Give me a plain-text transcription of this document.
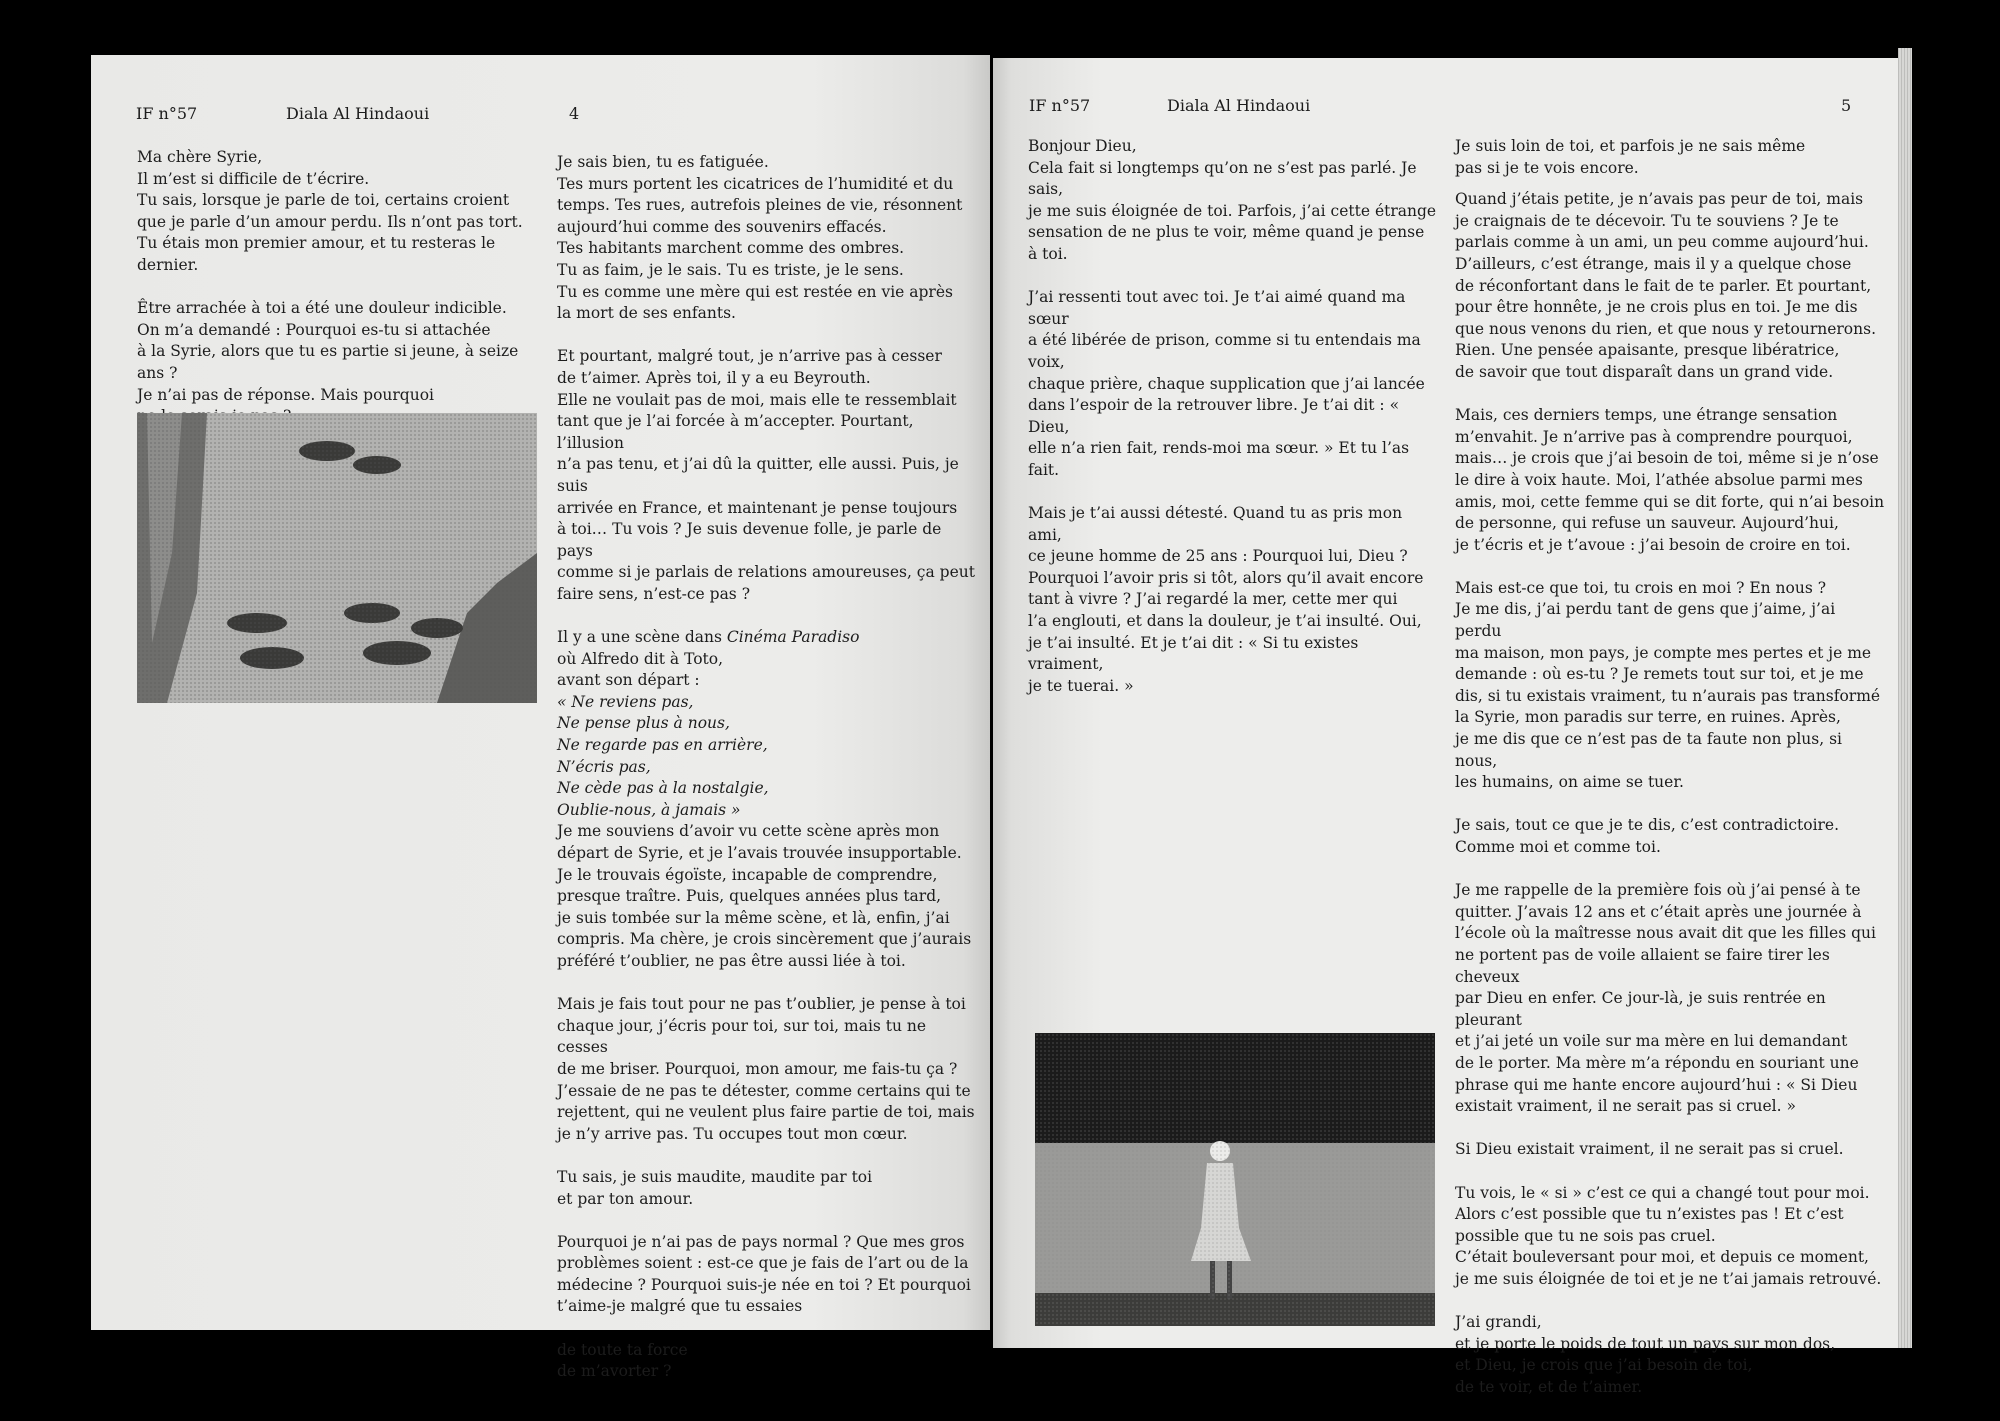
IF n°57	Diala Al Hindaoui	4

Ma chère Syrie,
Il m’est si difficile de t’écrire.
Tu sais, lorsque je parle de toi, certains croient
que je parle d’un amour perdu. Ils n’ont pas tort.
Tu étais mon premier amour, et tu resteras le dernier.

Être arrachée à toi a été une douleur indicible.
On m’a demandé : Pourquoi es-tu si attachée
à la Syrie, alors que tu es partie si jeune, à seize ans ?
Je n’ai pas de réponse. Mais pourquoi

Je sais bien, tu es fatiguée.
Tes murs portent les cicatrices de l’humidité et du
temps. Tes rues, autrefois pleines de vie, résonnent
aujourd’hui comme des souvenirs effacés.
Tes habitants marchent comme des ombres.
Tu as faim, je le sais. Tu es triste, je le sens.
Tu es comme une mère qui est restée en vie après
la mort de ses enfants.

Et pourtant, malgré tout, je n’arrive pas à cesser
de t’aimer. Après toi, il y a eu Beyrouth.
Elle ne voulait pas de moi, mais elle te ressemblait
tant que je l’ai forcée à m’accepter. Pourtant, l’illusion
n’a pas tenu, et j’ai dû la quitter, elle aussi. Puis, je suis
arrivée en France, et maintenant je pense toujours
à toi… Tu vois ? Je suis devenue folle, je parle de pays
comme si je parlais de relations amoureuses, ça peut
faire sens, n’est-ce pas ?

Il y a une scène dans Cinéma Paradiso

où Alfredo dit à Toto,
avant son départ :

« Ne reviens pas,
Ne pense plus à nous,
Ne regarde pas en arrière,
N’écris pas,
Ne cède pas à la nostalgie,
Oublie-nous, à jamais »

Je me souviens d’avoir vu cette scène après mon
départ de Syrie, et je l’avais trouvée insupportable.
Je le trouvais égoïste, incapable de comprendre,
presque traître. Puis, quelques années plus tard,
je suis tombée sur la même scène, et là, enfin, j’ai
compris. Ma chère, je crois sincèrement que j’aurais
préféré t’oublier, ne pas être aussi liée à toi.

Mais je fais tout pour ne pas t’oublier, je pense à toi
chaque jour, j’écris pour toi, sur toi, mais tu ne cesses
de me briser. Pourquoi, mon amour, me fais-tu ça ?
J’essaie de ne pas te détester, comme certains qui te
rejettent, qui ne veulent plus faire partie de toi, mais
je n’y arrive pas. Tu occupes tout mon cœur.

Tu sais, je suis maudite, maudite par toi
et par ton amour.

Pourquoi je n’ai pas de pays normal ? Que mes gros
problèmes soient : est-ce que je fais de l’art ou de la
médecine ? Pourquoi suis-je née en toi ? Et pourquoi
t’aime-je malgré que tu essaies

de toute ta force
de m’avorter ?

IF n°57	Diala Al Hindaoui	5

Bonjour Dieu,
Cela fait si longtemps qu’on ne s’est pas parlé. Je sais,
je me suis éloignée de toi. Parfois, j’ai cette étrange
sensation de ne plus te voir, même quand je pense à toi.

J’ai ressenti tout avec toi. Je t’ai aimé quand ma sœur
a été libérée de prison, comme si tu entendais ma voix,
chaque prière, chaque supplication que j’ai lancée
dans l’espoir de la retrouver libre. Je t’ai dit : « Dieu,
elle n’a rien fait, rends-moi ma sœur. » Et tu l’as fait.

Mais je t’ai aussi détesté. Quand tu as pris mon ami,
ce jeune homme de 25 ans : Pourquoi lui, Dieu ?
Pourquoi l’avoir pris si tôt, alors qu’il avait encore
tant à vivre ? J’ai regardé la mer, cette mer qui
l’a englouti, et dans la douleur, je t’ai insulté. Oui,
je t’ai insulté. Et je t’ai dit : « Si tu existes vraiment,
je te tuerai. »

Je suis loin de toi, et parfois je ne sais même
pas si je te vois encore.

Quand j’étais petite, je n’avais pas peur de toi, mais
je craignais de te décevoir. Tu te souviens ? Je te
parlais comme à un ami, un peu comme aujourd’hui.
D’ailleurs, c’est étrange, mais il y a quelque chose
de réconfortant dans le fait de te parler. Et pourtant,
pour être honnête, je ne crois plus en toi. Je me dis
que nous venons du rien, et que nous y retournerons.
Rien. Une pensée apaisante, presque libératrice,
de savoir que tout disparaît dans un grand vide.

Mais, ces derniers temps, une étrange sensation
m’envahit. Je n’arrive pas à comprendre pourquoi,
mais… je crois que j’ai besoin de toi, même si je n’ose
le dire à voix haute. Moi, l’athée absolue parmi mes
amis, moi, cette femme qui se dit forte, qui n’ai besoin
de personne, qui refuse un sauveur. Aujourd’hui,
je t’écris et je t’avoue : j’ai besoin de croire en toi.

Mais est-ce que toi, tu crois en moi ? En nous ?
Je me dis, j’ai perdu tant de gens que j’aime, j’ai perdu
ma maison, mon pays, je compte mes pertes et je me
demande : où es-tu ? Je remets tout sur toi, et je me
dis, si tu existais vraiment, tu n’aurais pas transformé
la Syrie, mon paradis sur terre, en ruines. Après,
je me dis que ce n’est pas de ta faute non plus, si nous,
les humains, on aime se tuer.

Je sais, tout ce que je te dis, c’est contradictoire.
Comme moi et comme toi.

Je me rappelle de la première fois où j’ai pensé à te
quitter. J’avais 12 ans et c’était après une journée à
l’école où la maîtresse nous avait dit que les filles qui
ne portent pas de voile allaient se faire tirer les cheveux
par Dieu en enfer. Ce jour-là, je suis rentrée en pleurant
et j’ai jeté un voile sur ma mère en lui demandant
de le porter. Ma mère m’a répondu en souriant une
phrase qui me hante encore aujourd’hui : « Si Dieu
existait vraiment, il ne serait pas si cruel. »

Si Dieu existait vraiment, il ne serait pas si cruel.

Tu vois, le « si » c’est ce qui a changé tout pour moi.
Alors c’est possible que tu n’existes pas ! Et c’est
possible que tu ne sois pas cruel.
C’était bouleversant pour moi, et depuis ce moment,
je me suis éloignée de toi et je ne t’ai jamais retrouvé.

J’ai grandi,
et je porte le poids de tout un pays sur mon dos,
et Dieu, je crois que j’ai besoin de toi,
de te voir, et de t’aimer.
